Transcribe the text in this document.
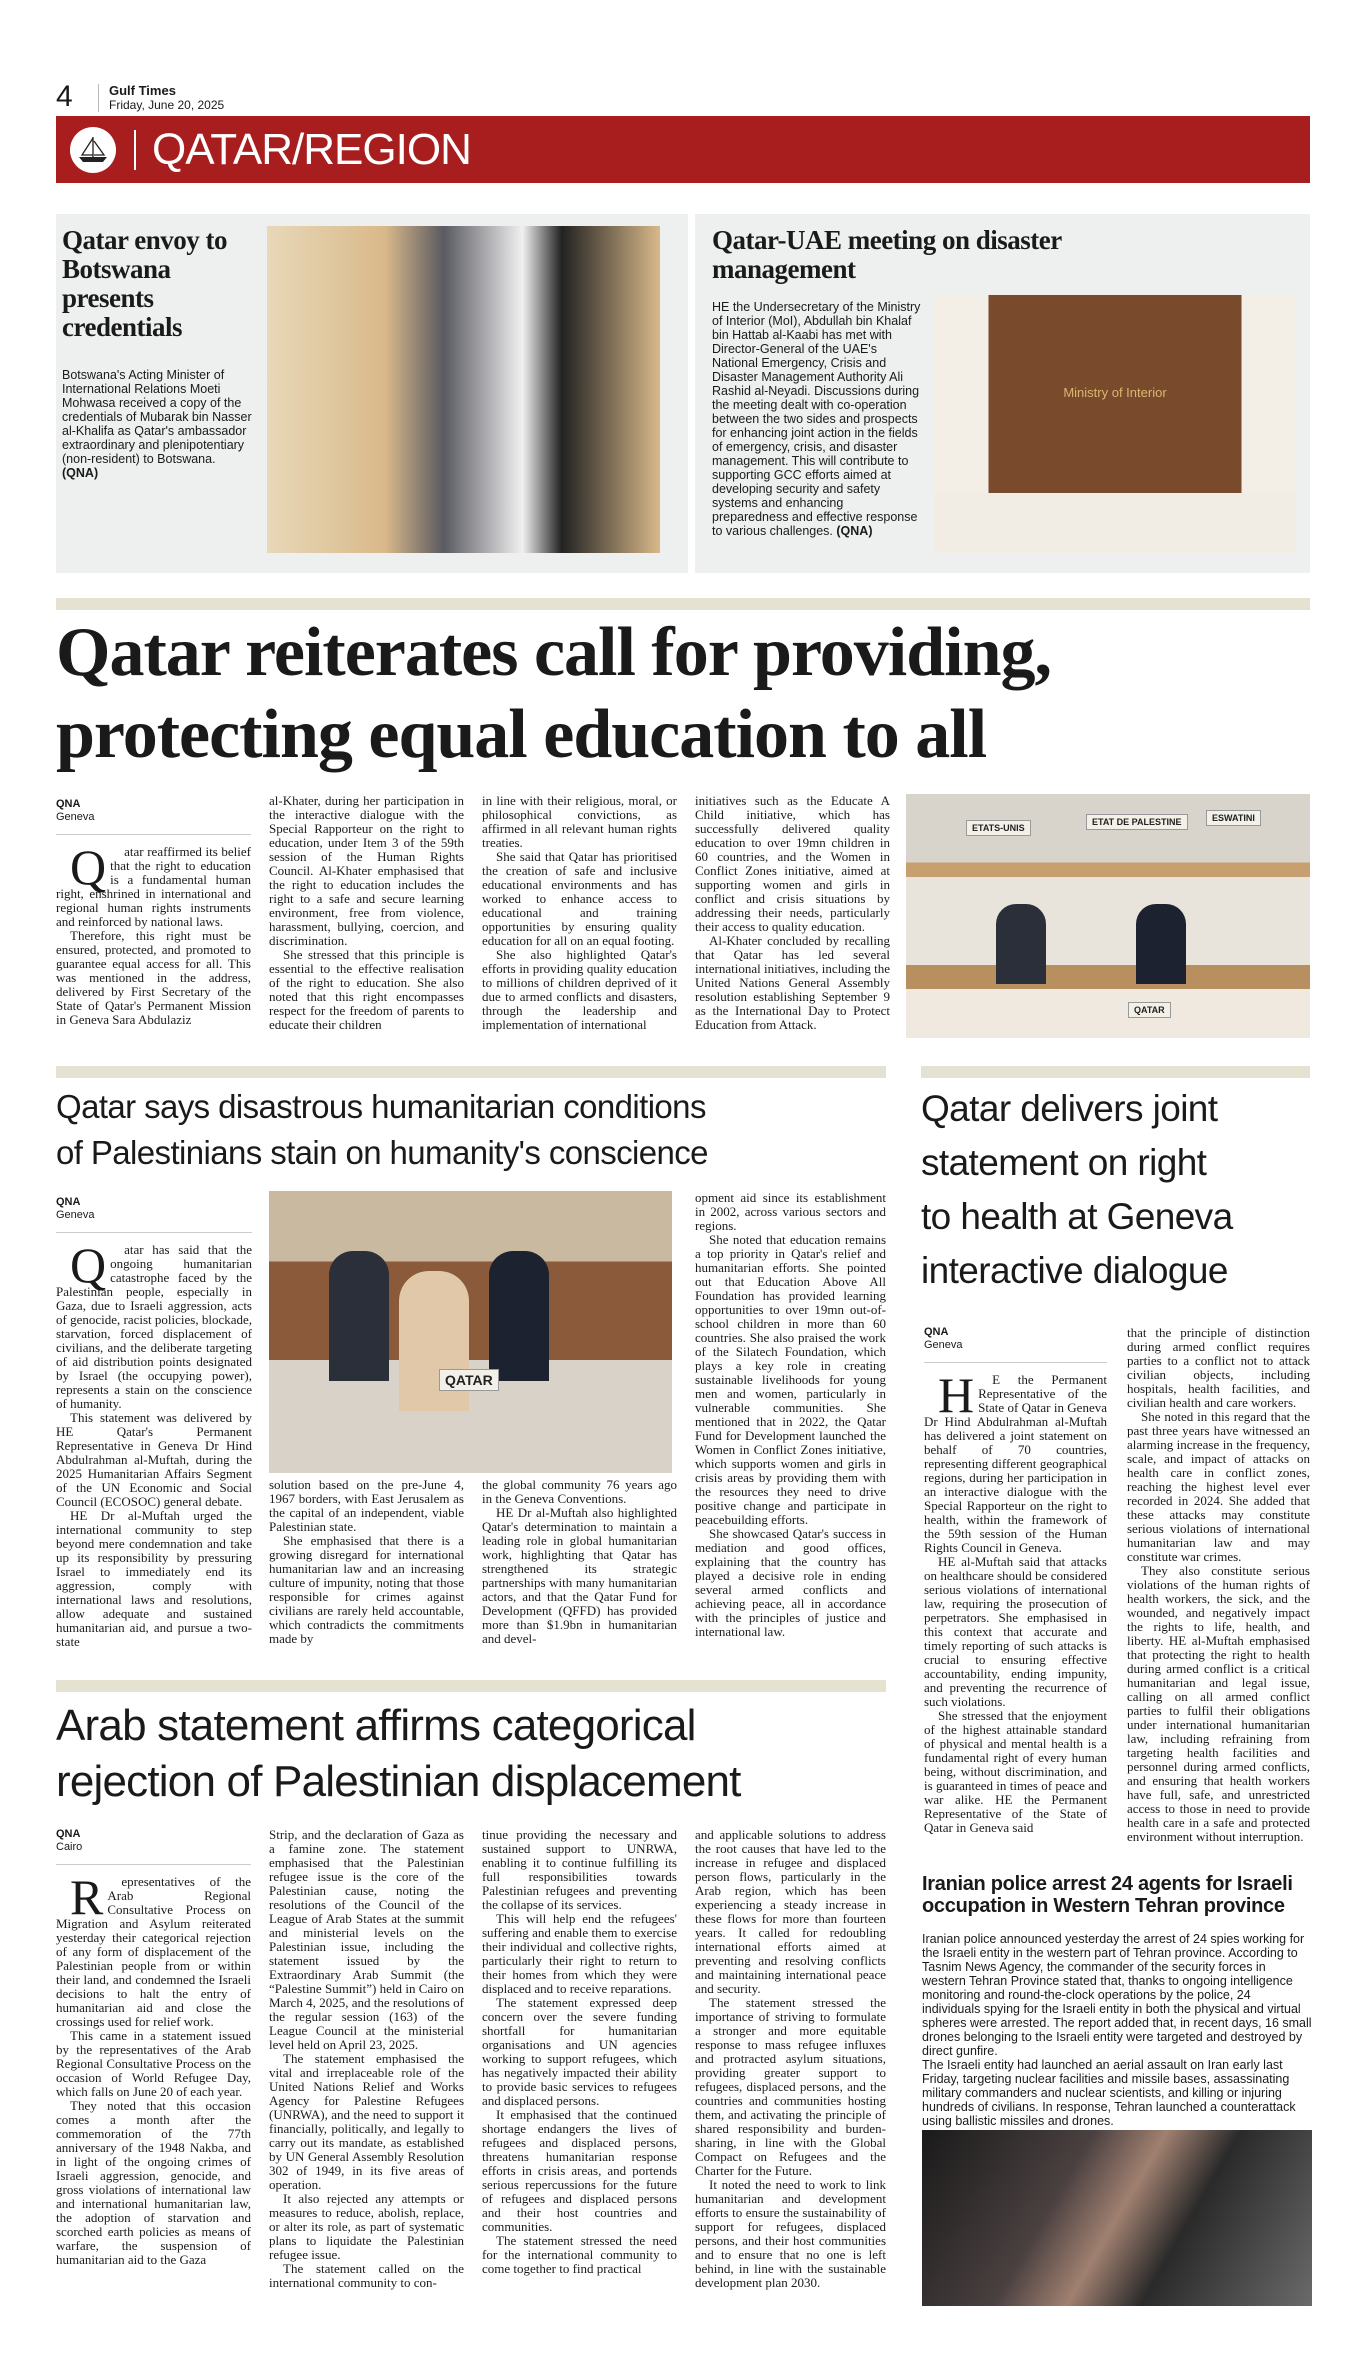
4	Gulf Times
Friday, June 20, 2025
QATAR/REGION
Qatar envoy to Botswana presents credentials
Botswana's Acting Minister of International Relations Moeti Mohwasa received a copy of the credentials of Mubarak bin Nasser al-Khalifa as Qatar's ambassador extraordinary and plenipotentiary (non-resident) to Botswana. (QNA)
Qatar-UAE meeting on disaster management
HE the Undersecretary of the Ministry of Interior (MoI), Abdullah bin Khalaf bin Hattab al-Kaabi has met with Director-General of the UAE's National Emergency, Crisis and Disaster Management Authority Ali Rashid al-Neyadi. Discussions during the meeting dealt with co-operation between the two sides and prospects for enhancing joint action in the fields of emergency, crisis, and disaster management. This will contribute to supporting GCC efforts aimed at developing security and safety systems and enhancing preparedness and effective response to various challenges. (QNA)
Ministry of Interior
Qatar reiterates call for providing,
protecting equal education to all
QNA
Geneva

Qatar reaffirmed its belief that the right to education is a fundamental human right, enshrined in international and regional human rights instruments and reinforced by national laws.

Therefore, this right must be ensured, protected, and promoted to guarantee equal access for all. This was mentioned in the address, delivered by First Secretary of the State of Qatar's Permanent Mission in Geneva Sara Abdulaziz

al-Khater, during her participation in the interactive dialogue with the Special Rapporteur on the right to education, under Item 3 of the 59th session of the Human Rights Council. Al-Khater emphasised that the right to education includes the right to a safe and secure learning environment, free from violence, harassment, bullying, coercion, and discrimination.

She stressed that this principle is essential to the effective realisation of the right to education. She also noted that this right encompasses respect for the freedom of parents to educate their children

in line with their religious, moral, or philosophical convictions, as affirmed in all relevant human rights treaties.

She said that Qatar has prioritised the creation of safe and inclusive educational environments and has worked to enhance access to educational and training opportunities by ensuring quality education for all on an equal footing.

She also highlighted Qatar's efforts in providing quality education to millions of children deprived of it due to armed conflicts and disasters, through the leadership and implementation of international

initiatives such as the Educate A Child initiative, which has successfully delivered quality education to over 19mn children in 60 countries, and the Women in Conflict Zones initiative, aimed at supporting women and girls in conflict and crisis situations by addressing their needs, particularly their access to quality education.

Al-Khater concluded by recalling that Qatar has led several international initiatives, including the United Nations General Assembly resolution establishing September 9 as the International Day to Protect Education from Attack.

ETATS-UNIS
ETAT DE PALESTINE	ESWATINI
QATAR
Qatar says disastrous humanitarian conditions
of Palestinians stain on humanity's conscience
QNA
Geneva

Qatar has said that the ongoing humanitarian catastrophe faced by the Palestinian people, especially in Gaza, due to Israeli aggression, acts of genocide, racist policies, blockade, starvation, forced displacement of civilians, and the deliberate targeting of aid distribution points designated by Israel (the occupying power), represents a stain on the conscience of humanity.

This statement was delivered by HE Qatar's Permanent Representative in Geneva Dr Hind Abdulrahman al-Muftah, during the 2025 Humanitarian Affairs Segment of the UN Economic and Social Council (ECOSOC) general debate.

HE Dr al-Muftah urged the international community to step beyond mere condemnation and take up its responsibility by pressuring Israel to immediately end its aggression, comply with international laws and resolutions, allow adequate and sustained humanitarian aid, and pursue a two-state

QATAR

solution based on the pre-June 4, 1967 borders, with East Jerusalem as the capital of an independent, viable Palestinian state.

She emphasised that there is a growing disregard for international humanitarian law and an increasing culture of impunity, noting that those responsible for crimes against civilians are rarely held accountable, which contradicts the commitments made by

the global community 76 years ago in the Geneva Conventions.

HE Dr al-Muftah also highlighted Qatar's determination to maintain a leading role in global humanitarian work, highlighting that Qatar has strengthened its strategic partnerships with many humanitarian actors, and that the Qatar Fund for Development (QFFD) has provided more than $1.9bn in humanitarian and devel-

opment aid since its establishment in 2002, across various sectors and regions.

She noted that education remains a top priority in Qatar's relief and humanitarian efforts. She pointed out that Education Above All Foundation has provided learning opportunities to over 19mn out-of-school children in more than 60 countries. She also praised the work of the Silatech Foundation, which plays a key role in creating sustainable livelihoods for young men and women, particularly in vulnerable communities. She mentioned that in 2022, the Qatar Fund for Development launched the Women in Conflict Zones initiative, which supports women and girls in crisis areas by providing them with the resources they need to drive positive change and participate in peacebuilding efforts.

She showcased Qatar's success in mediation and good offices, explaining that the country has played a decisive role in ending several armed conflicts and achieving peace, all in accordance with the principles of justice and international law.

Qatar delivers joint
statement on right
to health at Geneva
interactive dialogue
QNA
Geneva

HE the Permanent Representative of the State of Qatar in Geneva Dr Hind Abdulrahman al-Muftah has delivered a joint statement on behalf of 70 countries, representing different geographical regions, during her participation in an interactive dialogue with the Special Rapporteur on the right to health, within the framework of the 59th session of the Human Rights Council in Geneva.

HE al-Muftah said that attacks on healthcare should be considered serious violations of international law, requiring the prosecution of perpetrators. She emphasised in this context that accurate and timely reporting of such attacks is crucial to ensuring effective accountability, ending impunity, and preventing the recurrence of such violations.

She stressed that the enjoyment of the highest attainable standard of physical and mental health is a fundamental right of every human being, without discrimination, and is guaranteed in times of peace and war alike. HE the Permanent Representative of the State of Qatar in Geneva said

that the principle of distinction during armed conflict requires parties to a conflict not to attack civilian objects, including hospitals, health facilities, and civilian health and care workers.

She noted in this regard that the past three years have witnessed an alarming increase in the frequency, scale, and impact of attacks on health care in conflict zones, reaching the highest level ever recorded in 2024. She added that these attacks may constitute serious violations of international humanitarian law and may constitute war crimes.

They also constitute serious violations of the human rights of health workers, the sick, and the wounded, and negatively impact the rights to life, health, and liberty. HE al-Muftah emphasised that protecting the right to health during armed conflict is a critical humanitarian and legal issue, calling on all armed conflict parties to fulfil their obligations under international humanitarian law, including refraining from targeting health facilities and personnel during armed conflicts, and ensuring that health workers have full, safe, and unrestricted access to those in need to provide health care in a safe and protected environment without interruption.

Iranian police arrest 24 agents for Israeli occupation in Western Tehran province

Iranian police announced yesterday the arrest of 24 spies working for the Israeli entity in the western part of Tehran province. According to Tasnim News Agency, the commander of the security forces in western Tehran Province stated that, thanks to ongoing intelligence monitoring and round-the-clock operations by the police, 24 individuals spying for the Israeli entity in both the physical and virtual spheres were arrested. The report added that, in recent days, 16 small drones belonging to the Israeli entity were targeted and destroyed by direct gunfire.

The Israeli entity had launched an aerial assault on Iran early last Friday, targeting nuclear facilities and missile bases, assassinating military commanders and nuclear scientists, and killing or injuring hundreds of civilians. In response, Tehran launched a counterattack using ballistic missiles and drones.

Arab statement affirms categorical
rejection of Palestinian displacement
QNA
Cairo

Representatives of the Arab Regional Consultative Process on Migration and Asylum reiterated yesterday their categorical rejection of any form of displacement of the Palestinian people from or within their land, and condemned the Israeli decisions to halt the entry of humanitarian aid and close the crossings used for relief work.

This came in a statement issued by the representatives of the Arab Regional Consultative Process on the occasion of World Refugee Day, which falls on June 20 of each year.

They noted that this occasion comes a month after the commemoration of the 77th anniversary of the 1948 Nakba, and in light of the ongoing crimes of Israeli aggression, genocide, and gross violations of international law and international humanitarian law, the adoption of starvation and scorched earth policies as means of warfare, the suspension of humanitarian aid to the Gaza

Strip, and the declaration of Gaza as a famine zone. The statement emphasised that the Palestinian refugee issue is the core of the Palestinian cause, noting the resolutions of the Council of the League of Arab States at the summit and ministerial levels on the Palestinian issue, including the statement issued by the Extraordinary Arab Summit (the “Palestine Summit”) held in Cairo on March 4, 2025, and the resolutions of the regular session (163) of the League Council at the ministerial level held on April 23, 2025.

The statement emphasised the vital and irreplaceable role of the United Nations Relief and Works Agency for Palestine Refugees (UNRWA), and the need to support it financially, politically, and legally to carry out its mandate, as established by UN General Assembly Resolution 302 of 1949, in its five areas of operation.

It also rejected any attempts or measures to reduce, abolish, replace, or alter its role, as part of systematic plans to liquidate the Palestinian refugee issue.

The statement called on the international community to con-

tinue providing the necessary and sustained support to UNRWA, enabling it to continue fulfilling its full responsibilities towards Palestinian refugees and preventing the collapse of its services.

This will help end the refugees' suffering and enable them to exercise their individual and collective rights, particularly their right to return to their homes from which they were displaced and to receive reparations.

The statement expressed deep concern over the severe funding shortfall for humanitarian organisations and UN agencies working to support refugees, which has negatively impacted their ability to provide basic services to refugees and displaced persons.

It emphasised that the continued shortage endangers the lives of refugees and displaced persons, threatens humanitarian response efforts in crisis areas, and portends serious repercussions for the future of refugees and displaced persons and their host countries and communities.

The statement stressed the need for the international community to come together to find practical

and applicable solutions to address the root causes that have led to the increase in refugee and displaced person flows, particularly in the Arab region, which has been experiencing a steady increase in these flows for more than fourteen years. It called for redoubling international efforts aimed at preventing and resolving conflicts and maintaining international peace and security.

The statement stressed the importance of striving to formulate a stronger and more equitable response to mass refugee influxes and protracted asylum situations, providing greater support to refugees, displaced persons, and the countries and communities hosting them, and activating the principle of shared responsibility and burden-sharing, in line with the Global Compact on Refugees and the Charter for the Future.

It noted the need to work to link humanitarian and development efforts to ensure the sustainability of support for refugees, displaced persons, and their host communities and to ensure that no one is left behind, in line with the sustainable development plan 2030.
